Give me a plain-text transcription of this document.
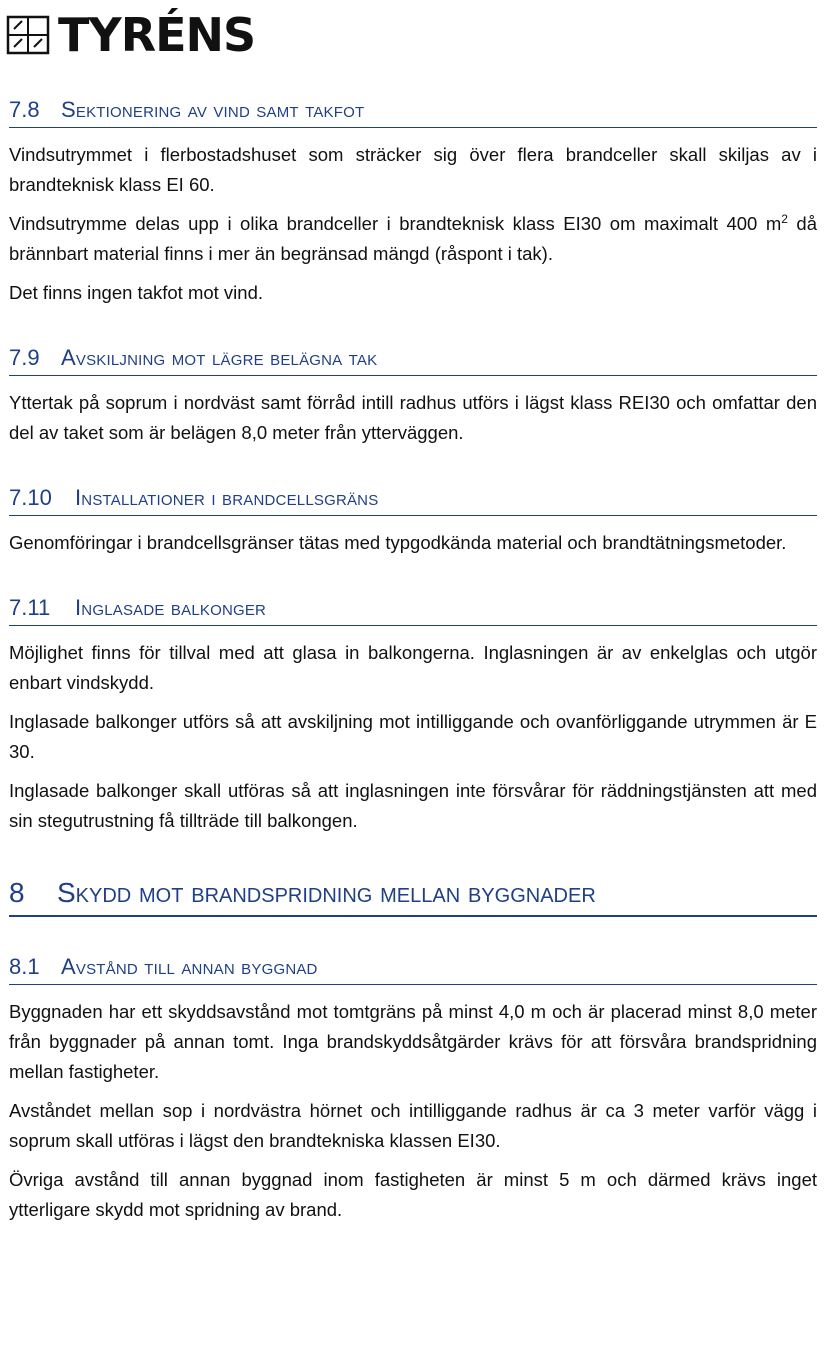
TYRÉNS
7.8 Sektionering av vind samt takfot

Vindsutrymmet i flerbostadshuset som sträcker sig över flera brandceller skall skiljas av i brandteknisk klass EI 60.

Vindsutrymme delas upp i olika brandceller i brandteknisk klass EI30 om maximalt 400 $m^2$ då brännbart material finns i mer än begränsad mängd (råspont i tak).

Det finns ingen takfot mot vind.

7.9 Avskiljning mot lägre belägna tak

Yttertak på soprum i nordväst samt förråd intill radhus utförs i lägst klass REI30 och omfattar den del av taket som är belägen 8,0 meter från ytterväggen.

7.10 Installationer i brandcellsgräns

Genomföringar i brandcellsgränser tätas med typgodkända material och brandtätningsmetoder.

7.11 Inglasade balkonger

Möjlighet finns för tillval med att glasa in balkongerna. Inglasningen är av enkelglas och utgör enbart vindskydd.

Inglasade balkonger utförs så att avskiljning mot intilliggande och ovanförliggande utrymmen är E 30.

Inglasade balkonger skall utföras så att inglasningen inte försvårar för räddningstjänsten att med sin stegutrustning få tillträde till balkongen.

8 Skydd mot brandspridning mellan byggnader
8.1 Avstånd till annan byggnad

Byggnaden har ett skyddsavstånd mot tomtgräns på minst 4,0 m och är placerad minst 8,0 meter från byggnader på annan tomt. Inga brandskyddsåtgärder krävs för att försvåra brandspridning mellan fastigheter.

Avståndet mellan sop i nordvästra hörnet och intilliggande radhus är ca 3 meter varför vägg i soprum skall utföras i lägst den brandtekniska klassen EI30.

Övriga avstånd till annan byggnad inom fastigheten är minst 5 m och därmed krävs inget ytterligare skydd mot spridning av brand.
